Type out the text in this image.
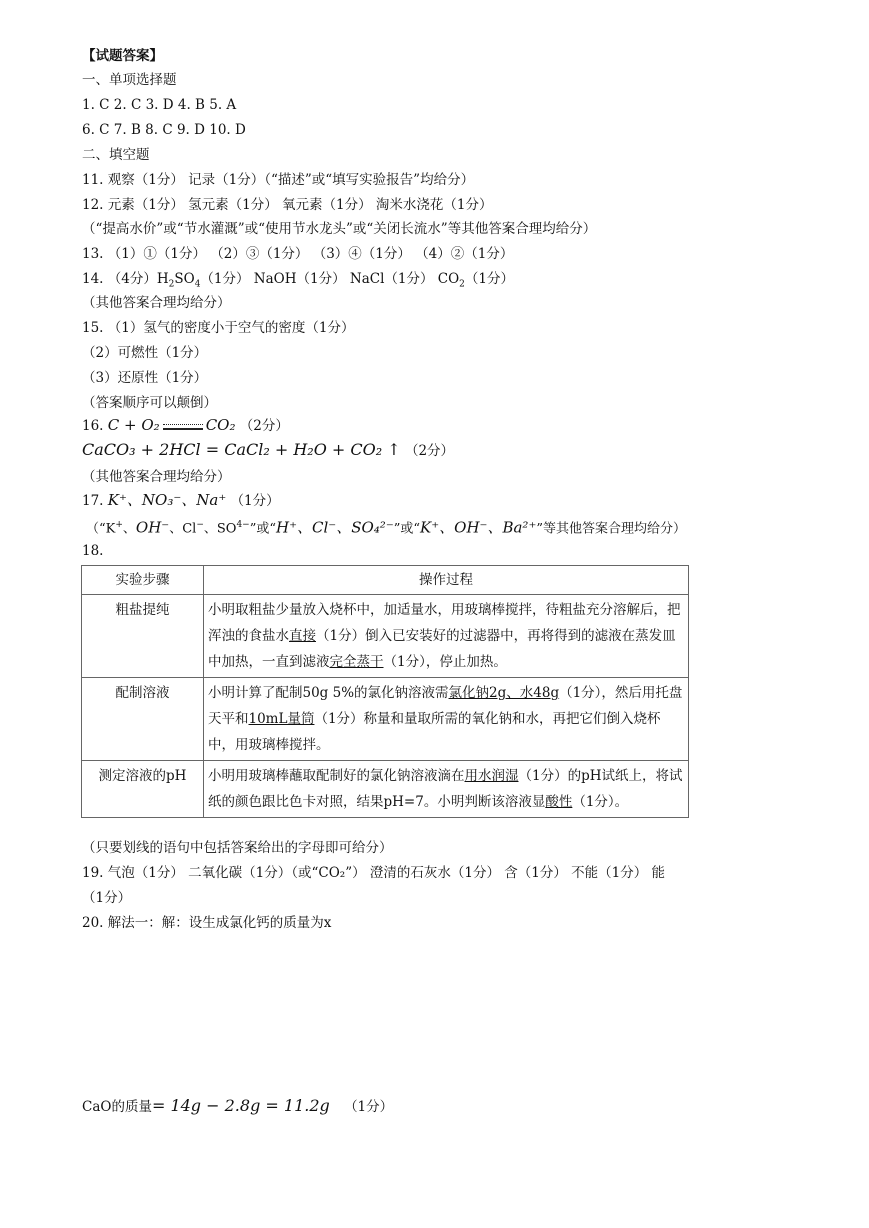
【试题答案】
一、单项选择题
1. C 2. C 3. D 4. B 5. A
6. C 7. B 8. C 9. D 10. D
二、填空题
11. 观察（1分） 记录（1分）（“描述”或“填写实验报告”均给分）
12. 元素（1分） 氢元素（1分） 氧元素（1分） 淘米水浇花（1分）
（“提高水价”或“节水灌溉”或“使用节水龙头”或“关闭长流水”等其他答案合理均给分）
13. （1）①（1分） （2）③（1分） （3）④（1分） （4）②（1分）
14. （4分）$H_2SO_4(1$分） NaOH（1分） NaCl（1分） $CO_2(1$分）
（其他答案合理均给分）
15. （1）氢气的密度小于空气的密度（1分）
（2）可燃性（1分）
（3）还原性（1分）
（答案顺序可以颠倒）
16. C + O₂	CO₂ （2分）
CaCO₃ + 2HCl = CaCl₂ + H₂O + CO₂ ↑ （2分）
（其他答案合理均给分）
17. K⁺、NO₃⁻、Na⁺ （1分）
（“K+、OH⁻、Cl−、$SO^{4-}$”或“H⁺、Cl⁻、SO₄²⁻”或“K⁺、OH⁻、Ba²⁺”等其他答案合理均给分）
18.
实验步骤	操作过程
粗盐提纯	小明取粗盐少量放入烧杯中，加适量水，用玻璃棒搅拌，待粗盐充分溶解后，把浑浊的食盐水直接（1分）倒入已安装好的过滤器中，再将得到的滤液在蒸发皿中加热，一直到滤液完全蒸干（1分），停止加热。
配制溶液	小明计算了配制50g 5%的氯化钠溶液需氯化钠2g、水48g（1分），然后用托盘天平和10mL量筒（1分）称量和量取所需的氧化钠和水，再把它们倒入烧杯中，用玻璃棒搅拌。
测定溶液的pH	小明用玻璃棒蘸取配制好的氯化钠溶液滴在用水润湿（1分）的pH试纸上，将试纸的颜色跟比色卡对照，结果pH=7。小明判断该溶液显酸性（1分）。
（只要划线的语句中包括答案给出的字母即可给分）
19. 气泡（1分） 二氧化碳（1分）（或“CO₂”） 澄清的石灰水（1分） 含（1分） 不能（1分） 能
（1分）
20. 解法一：解：设生成氯化钙的质量为x
CaO的质量= 14g − 2.8g = 11.2g （1分）
